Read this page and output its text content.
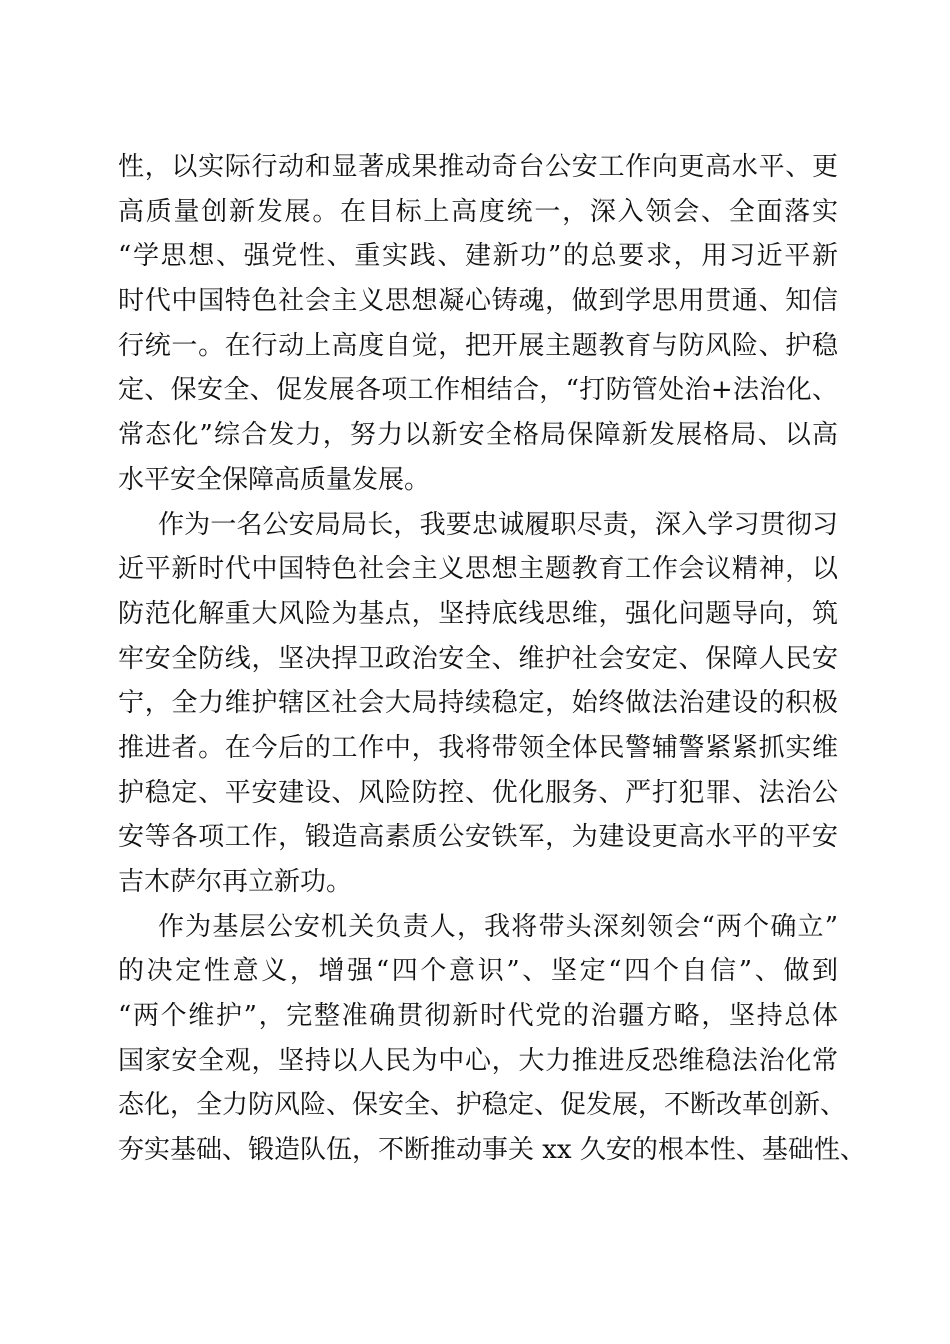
性，以实际行动和显著成果推动奇台公安工作向更高水平、更
高质量创新发展。在目标上高度统一，深入领会、全面落实
“学思想、强党性、重实践、建新功”的总要求，用习近平新
时代中国特色社会主义思想凝心铸魂，做到学思用贯通、知信
行统一。在行动上高度自觉，把开展主题教育与防风险、护稳
定、保安全、促发展各项工作相结合，“打防管处治+法治化、
常态化”综合发力，努力以新安全格局保障新发展格局、以高
水平安全保障高质量发展。
作为一名公安局局长，我要忠诚履职尽责，深入学习贯彻习
近平新时代中国特色社会主义思想主题教育工作会议精神，以
防范化解重大风险为基点，坚持底线思维，强化问题导向，筑
牢安全防线，坚决捍卫政治安全、维护社会安定、保障人民安
宁，全力维护辖区社会大局持续稳定，始终做法治建设的积极
推进者。在今后的工作中，我将带领全体民警辅警紧紧抓实维
护稳定、平安建设、风险防控、优化服务、严打犯罪、法治公
安等各项工作，锻造高素质公安铁军，为建设更高水平的平安
吉木萨尔再立新功。
作为基层公安机关负责人，我将带头深刻领会“两个确立”
的决定性意义，增强“四个意识”、坚定“四个自信”、做到
“两个维护”，完整准确贯彻新时代党的治疆方略，坚持总体
国家安全观，坚持以人民为中心，大力推进反恐维稳法治化常
态化，全力防风险、保安全、护稳定、促发展，不断改革创新、
夯实基础、锻造队伍，不断推动事关 xx 久安的根本性、基础性、
